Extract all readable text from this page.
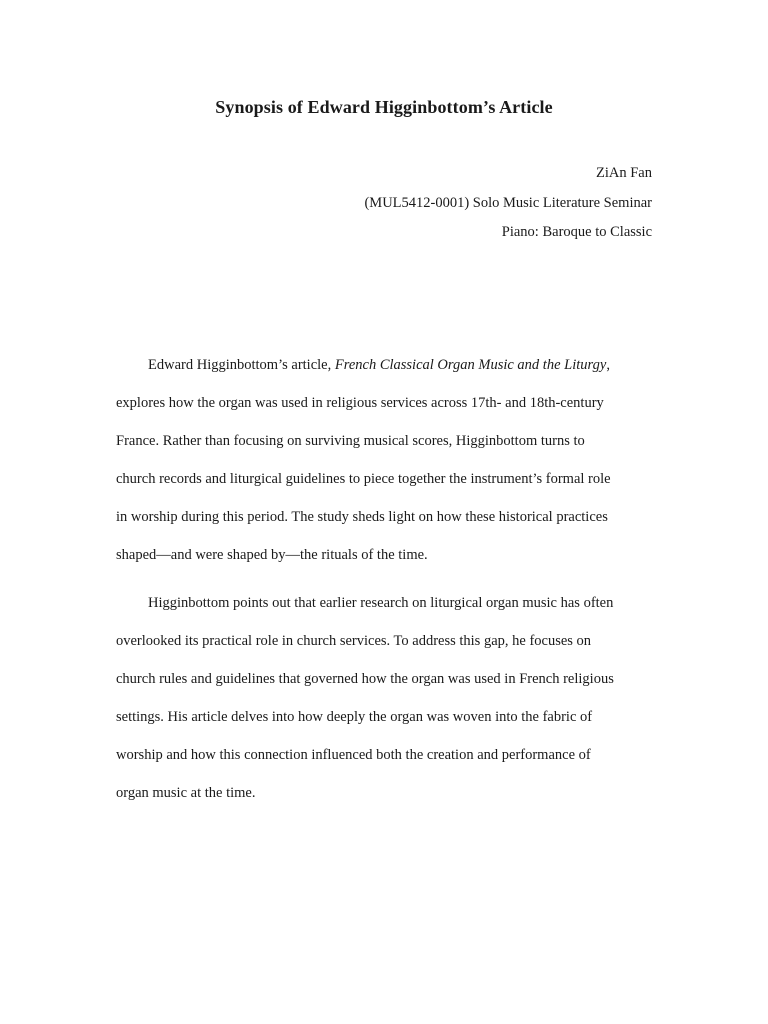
Synopsis of Edward Higginbottom’s Article
ZiAn Fan
(MUL5412-0001) Solo Music Literature Seminar
Piano: Baroque to Classic
Edward Higginbottom’s article, French Classical Organ Music and the Liturgy,
explores how the organ was used in religious services across 17th- and 18th-century
France. Rather than focusing on surviving musical scores, Higginbottom turns to
church records and liturgical guidelines to piece together the instrument’s formal role
in worship during this period. The study sheds light on how these historical practices
shaped—and were shaped by—the rituals of the time.
Higginbottom points out that earlier research on liturgical organ music has often
overlooked its practical role in church services. To address this gap, he focuses on
church rules and guidelines that governed how the organ was used in French religious
settings. His article delves into how deeply the organ was woven into the fabric of
worship and how this connection influenced both the creation and performance of
organ music at the time.
